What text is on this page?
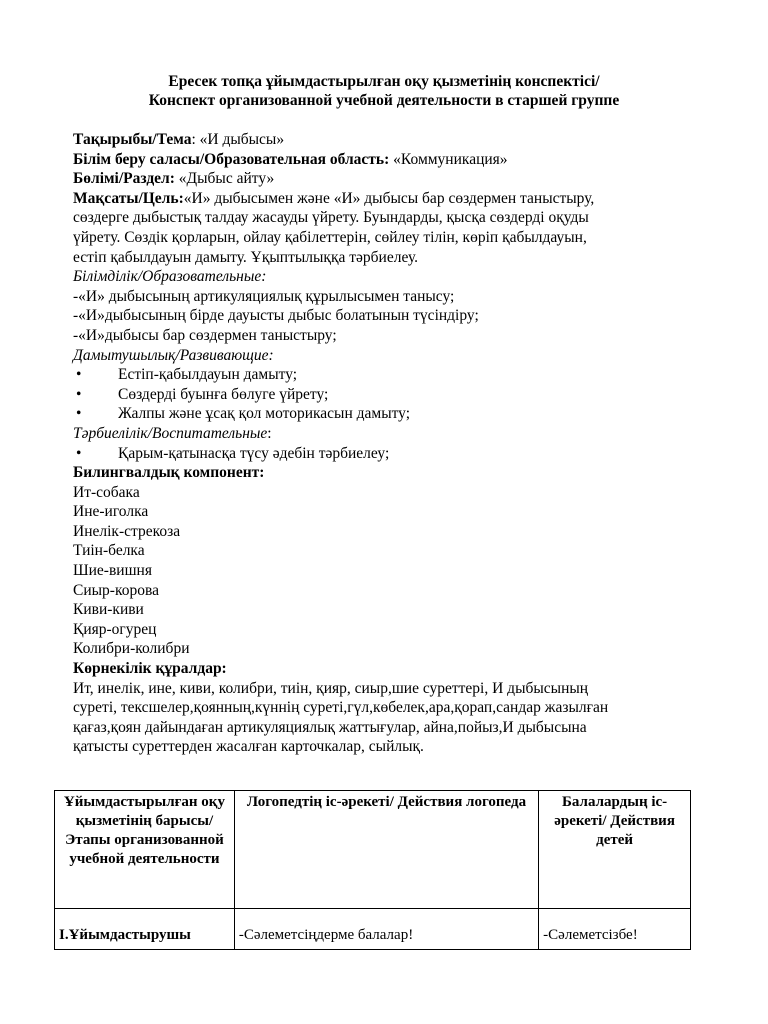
Ересек топқа ұйымдастырылған оқу қызметінің конспектісі/
Конспект организованной учебной деятельности в старшей группе
Тақырыбы/Тема: «И дыбысы»
Білім беру саласы/Образовательная область: «Коммуникация»
Бөлімі/Раздел: «Дыбыс айту»
Мақсаты/Цель:«И» дыбысымен және «И» дыбысы бар сөздермен таныстыру,
сөздерге дыбыстық талдау жасауды үйрету. Буындарды, қысқа сөздерді оқуды
үйрету. Сөздік қорларын, ойлау қабілеттерін, сөйлеу тілін, көріп қабылдауын,
естіп қабылдауын дамыту. Ұқыптылыққа тәрбиелеу.
Білімділік/Образовательные:
-«И» дыбысының артикуляциялық құрылысымен танысу;
-«И»дыбысының бірде дауысты дыбыс болатынын түсіндіру;
-«И»дыбысы бар сөздермен таныстыру;
Дамытушылық/Развивающие:
• Естіп-қабылдауын дамыту;
• Сөздерді буынға бөлуге үйрету;
• Жалпы және ұсақ қол моторикасын дамыту;
Тәрбиелілік/Воспитательные:
• Қарым-қатынасқа түсу әдебін тәрбиелеу;
Билингвалдық компонент:
Ит-собака
Ине-иголка
Инелік-стрекоза
Тиін-белка
Шие-вишня
Сиыр-корова
Киви-киви
Қияр-огурец
Колибри-колибри
Көрнекілік құралдар:
Ит, инелік, ине, киви, колибри, тиін, қияр, сиыр,шие суреттері, И дыбысының
суреті, тексшелер,қоянның,күннің суреті,гүл,көбелек,ара,қорап,сандар жазылған
қағаз,қоян дайындаған артикуляциялық жаттығулар, айна,пойыз,И дыбысына
қатысты суреттерден жасалған карточкалар, сыйлық.
Ұйымдастырылған оқу қызметінің барысы/ Этапы организованной учебной деятельности	Логопедтің іс-әрекеті/ Действия логопеда	Балалардың іс-әрекеті/ Действия детей
І.Ұйымдастырушы	-Сәлеметсіңдерме балалар!	-Сәлеметсізбе!
